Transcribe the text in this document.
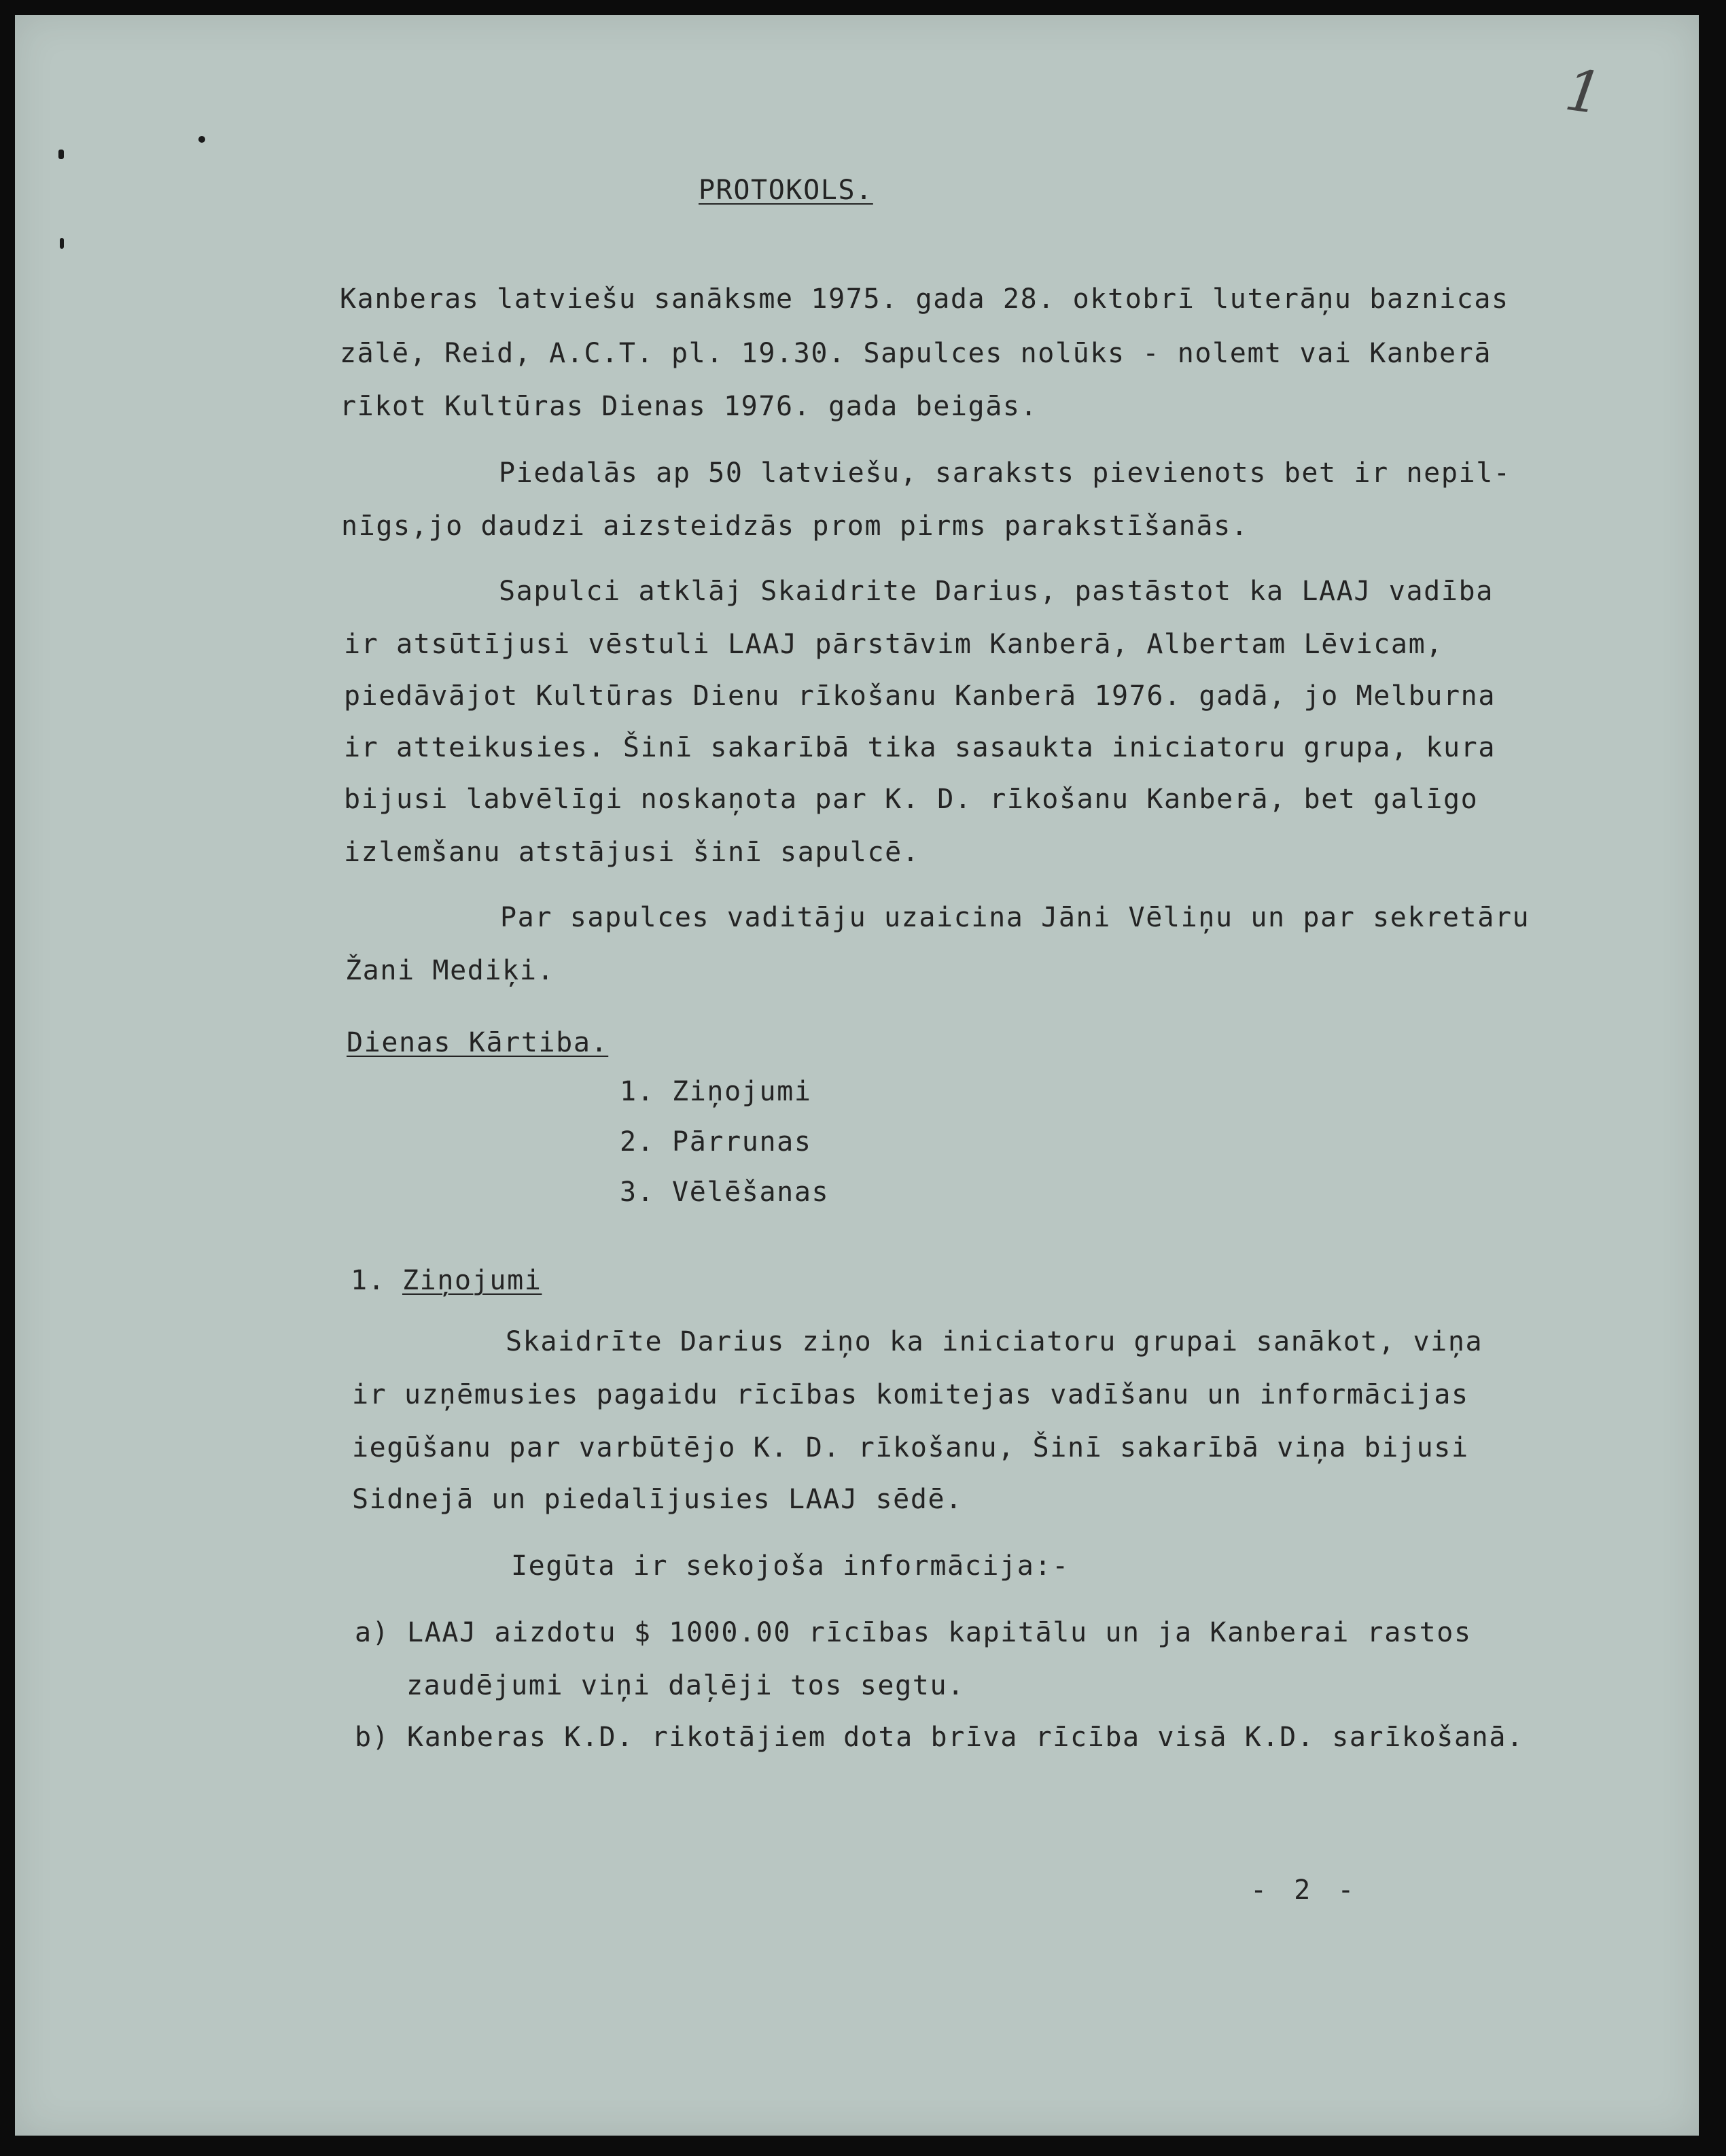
1
PROTOKOLS.
Kanberas latviešu sanāksme 1975. gada 28. oktobrī luterāņu baznicas
zālē, Reid, A.C.T. pl. 19.30. Sapulces nolūks - nolemt vai Kanberā
rīkot Kultūras Dienas 1976. gada beigās.
Piedalās ap 50 latviešu, saraksts pievienots bet ir nepil-
nīgs,jo daudzi aizsteidzās prom pirms parakstīšanās.
Sapulci atklāj Skaidrite Darius, pastāstot ka LAAJ vadība
ir atsūtījusi vēstuli LAAJ pārstāvim Kanberā, Albertam Lēvicam,
piedāvājot Kultūras Dienu rīkošanu Kanberā 1976. gadā, jo Melburna
ir atteikusies. Šinī sakarībā tika sasaukta iniciatoru grupa, kura
bijusi labvēlīgi noskaņota par K. D. rīkošanu Kanberā, bet galīgo
izlemšanu atstājusi šinī sapulcē.
Par sapulces vaditāju uzaicina Jāni Vēliņu un par sekretāru
Žani Mediķi.
Dienas Kārtiba.
1. Ziņojumi
2. Pārrunas
3. Vēlēšanas
1. Ziņojumi
Skaidrīte Darius ziņo ka iniciatoru grupai sanākot, viņa
ir uzņēmusies pagaidu rīcības komitejas vadīšanu un informācijas
iegūšanu par varbūtējo K. D. rīkošanu, Šinī sakarībā viņa bijusi
Sidnejā un piedalījusies LAAJ sēdē.
Iegūta ir sekojoša informācija:-
a) LAAJ aizdotu $ 1000.00 rīcības kapitālu un ja Kanberai rastos
zaudējumi viņi daļēji tos segtu.
b) Kanberas K.D. rikotājiem dota brīva rīcība visā K.D. sarīkošanā.
- 2 -
